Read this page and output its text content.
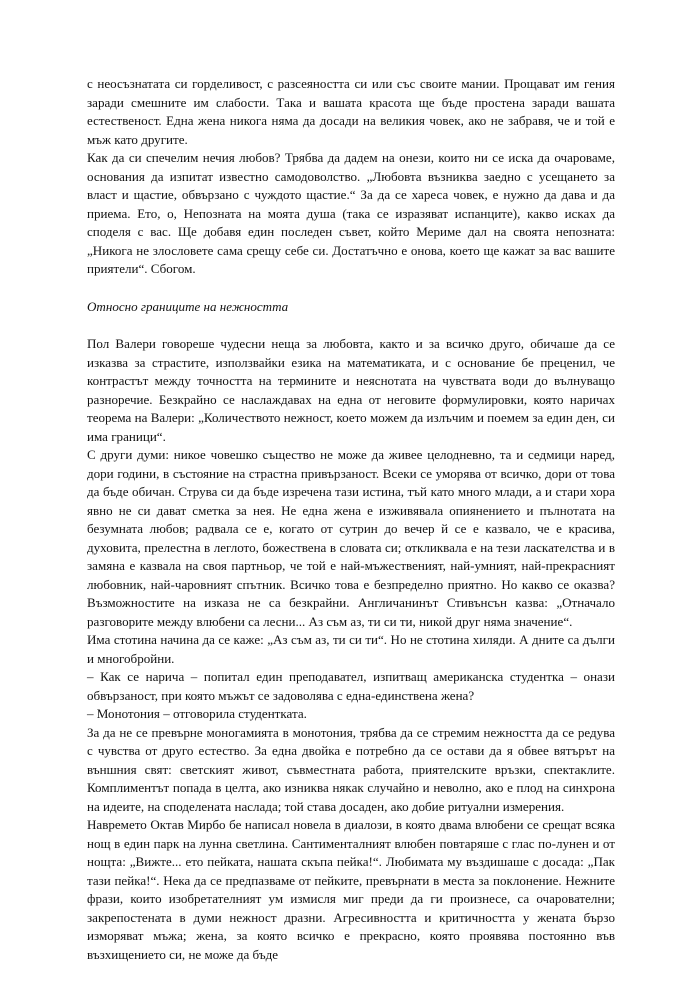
с неосъзнатата си горделивост, с разсеяността си или със своите мании. Прощават им гения заради смешните им слабости. Така и вашата красота ще бъде простена заради вашата естественост. Една жена никога няма да досади на великия човек, ако не забравя, че и той е мъж като другите.

Как да си спечелим нечия любов? Трябва да дадем на онези, които ни се иска да очароваме, основания да изпитат известно самодоволство. „Любовта възниква заедно с усещането за власт и щастие, обвързано с чуждото щастие.“ За да се хареса човек, е нужно да дава и да приема. Ето, о, Непозната на моята душа (така се изразяват испанците), какво исках да споделя с вас. Ще добавя един последен съвет, който Мериме дал на своята непозната: „Никога не злословете сама срещу себе си. Достатъчно е онова, което ще кажат за вас вашите приятели“. Сбогом.

Относно границите на нежността

Пол Валери говореше чудесни неща за любовта, както и за всичко друго, обичаше да се изказва за страстите, използвайки езика на математиката, и с основание бе преценил, че контрастът между точността на термините и неяснотата на чувствата води до вълнуващо разноречие. Безкрайно се наслаждавах на една от неговите формулировки, която наричах теорема на Валери: „Количеството нежност, което можем да излъчим и поемем за един ден, си има граници“.

С други думи: никое човешко същество не може да живее целодневно, та и седмици наред, дори години, в състояние на страстна привързаност. Всеки се уморява от всичко, дори от това да бъде обичан. Струва си да бъде изречена тази истина, тъй като много млади, а и стари хора явно не си дават сметка за нея. Не една жена е изживявала опиянението и пълнотата на безумната любов; радвала се е, когато от сутрин до вечер й се е казвало, че е красива, духовита, прелестна в леглото, божествена в словата си; откликвала е на тези ласкателства и в замяна е казвала на своя партньор, че той е най-мъжественият, най-умният, най-прекрасният любовник, най-чаровният спътник. Всичко това е безпределно приятно. Но какво се оказва? Възможностите на изказа не са безкрайни. Англичанинът Стивънсън казва: „Отначало разговорите между влюбени са лесни... Аз съм аз, ти си ти, никой друг няма значение“.

Има стотина начина да се каже: „Аз съм аз, ти си ти“. Но не стотина хиляди. А дните са дълги и многобройни.

– Как се нарича – попитал един преподавател, изпитващ американска студентка – онази обвързаност, при която мъжът се задоволява с една-единствена жена?

– Монотония – отговорила студентката.

За да не се превърне моногамията в монотония, трябва да се стремим нежността да се редува с чувства от друго естество. За една двойка е потребно да се остави да я обвее вятърът на външния свят: светският живот, съвместната работа, приятелските връзки, спектаклите. Комплиментът попада в целта, ако изниква някак случайно и неволно, ако е плод на синхрона на идеите, на споделената наслада; той става досаден, ако добие ритуални измерения.

Навремето Октав Мирбо бе написал новела в диалози, в която двама влюбени се срещат всяка нощ в един парк на лунна светлина. Сантименталният влюбен повтаряше с глас по-лунен и от нощта: „Вижте... ето пейката, нашата скъпа пейка!“. Любимата му въздишаше с досада: „Пак тази пейка!“. Нека да се предпазваме от пейките, превърнати в места за поклонение. Нежните фрази, които изобретателният ум измисля миг преди да ги произнесе, са очарователни; закрепостената в думи нежност дразни. Агресивността и критичността у жената бързо изморяват мъжа; жена, за която всичко е прекрасно, която проявява постоянно във възхищението си, не може да бъде
